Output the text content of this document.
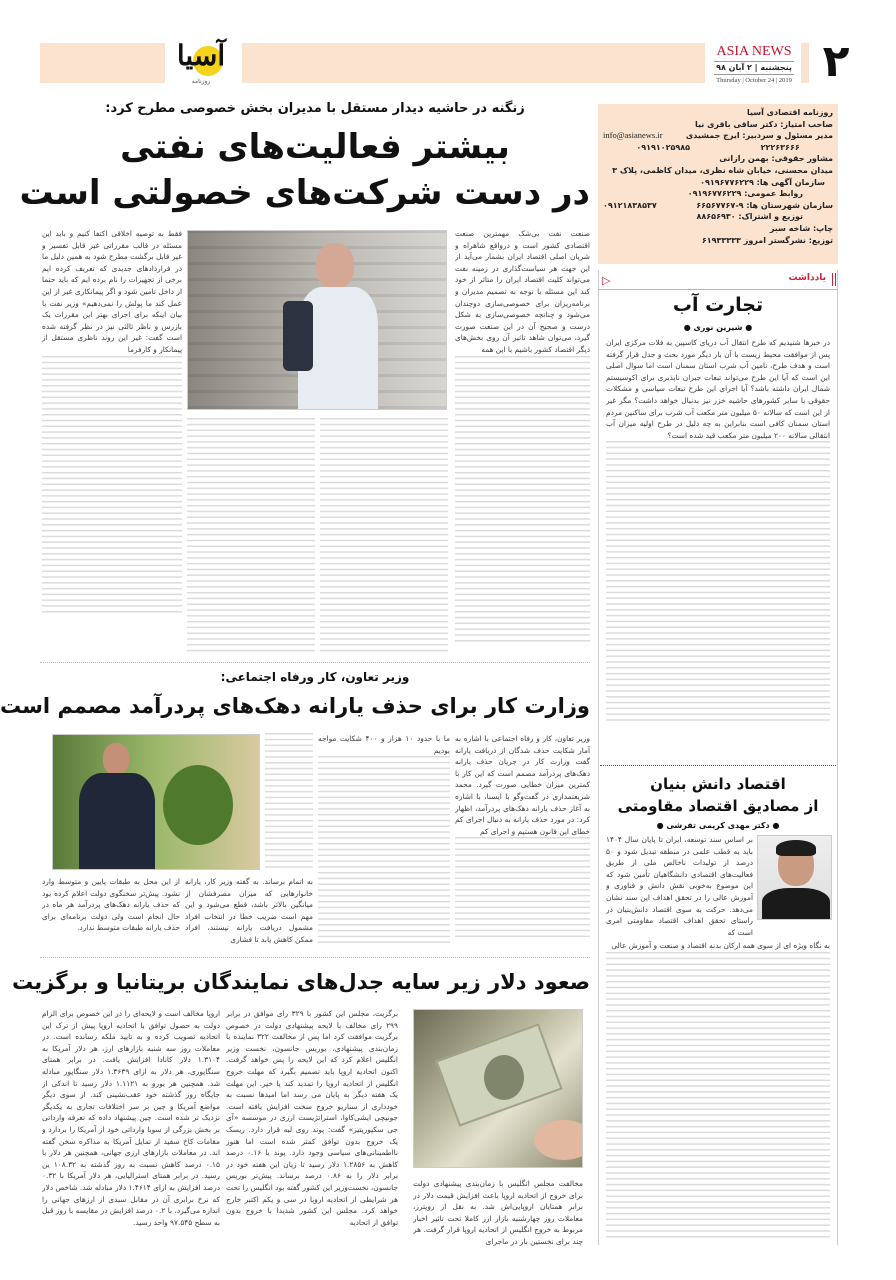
آسیا
روزنامه
ASIA NEWS
پنجشنبه | ۲ آبان ۹۸
Thursday | October 24 | 2019 ۲
روزنامه اقتصادی آسیا
صاحب امتیاز: دکتر ساقی باقری نیا
مدیر مسئول و سردبیر: ایرج جمشیدی
info@asianews.ir
۲۲۲۶۳۶۶۶
۰۹۱۹۱۰۲۵۹۸۵
مشاور حقوقی: بهمن رازانی
میدان محسنی، خیابان شاه نظری، میدان کاظمی، پلاک ۳
سازمان آگهی ها: ۰۹۱۹۶۷۷۶۲۲۹
روابط عمومی: ۰۹۱۹۶۷۷۶۲۲۹
سازمان شهرستان ها: ۹-۶۶۵۶۷۷۶۷
۰۹۱۲۱۸۳۸۵۳۷
توزیع و اشتراک: ۸۸۶۵۶۹۳۰
چاپ: شاخه سبز
توزیع: نشرگستر امروز ۶۱۹۳۳۳۳۳
یادداشت
▷
تجارت آب
● شیرین نوری ●

در خبرها شنیدیم که طرح انتقال آب دریای کاسپین به فلات مرکزی ایران پس از موافقت محیط زیست با آن بار دیگر مورد بحث و جدل قرار گرفته است و هدف طرح، تامین آب شرب استان سمنان است اما سوال اصلی این است که آیا این طرح می‌تواند تبعات جبران ناپذیری برای اکوسیستم شمال ایران داشته باشد؟ آیا اجرای این طرح تبعات سیاسی و مشکلات حقوقی با سایر کشورهای حاشیه خزر نیز بدنبال خواهد داشت؟ مگر غیر از این است که سالانه ۵۰ میلیون متر مکعب آب شرب برای ساکنین مردم استان سمنان کافی است بنابراین به چه دلیل در طرح اولیه میزان آب انتقالی سالانه ۲۰۰ میلیون متر مکعب قید شده است؟

اقتصاد دانش بنیان
از مصادیق اقتصاد مقاومتی
● دکتر مهدی کریمی تفرشی ●
بر اساس سند توسعه، ایران تا پایان سال ۱۴۰۴ باید به قطب علمی در منطقه تبدیل شود و ۵۰ درصد از تولیدات ناخالص ملی از طریق فعالیت‌های اقتصادی دانشگاهیان تأمین شود که این موضوع به‌خوبی نقش دانش و فناوری و آموزش عالی را در تحقق اهداف این سند نشان می‌دهد. حرکت به سوی اقتصاد دانش‌بنیان در راستای تحقق اهداف اقتصاد مقاومتی امری است که

به نگاه ویژه ای از سوی همه ارکان بدنه اقتصاد و صنعت و آموزش عالی

زنگنه در حاشیه دیدار مستقل با مدیران بخش خصوصی مطرح کرد:
بیشتر فعالیت‌های نفتی
در دست شرکت‌های خصولتی است

صنعت نفت بی‌شک مهمترین صنعت اقتصادی کشور است و درواقع شاهراه و شریان اصلی اقتصاد ایران بشمار می‌آید از این جهت هر سیاست‌گذاری در زمینه نفت می‌تواند کلیت اقتصاد ایران را متاثر از خود کند این مسئله با توجه به تصمیم مدیران و برنامه‌ریزان برای خصوصی‌سازی دوچندان می‌شود و چنانچه خصوصی‌سازی به شکل درست و صحیح آن در این صنعت صورت گیرد، می‌توان شاهد تاثیر آن روی بخش‌های دیگر اقتصاد کشور باشیم با این همه

فقط به توصیه اخلاقی اکتفا کنیم و باید این مسئله در قالب مقرراتی غیر قابل تفسیر و غیر قابل برگشت مطرح شود به همین دلیل ما در قراردادهای جدیدی که تعریف کرده ایم برخی از تجهیزات را نام برده ایم که باید حتما از داخل تامین شود و اگر پیمانکاری غیر از این عمل کند ما پولش را نمی‌دهیم» وزیر نفت با بیان اینکه برای اجرای بهتر این مقررات یک بازرس و ناظر ثالثی نیز در نظر گرفته شده است گفت: غیر این روند ناظری مستقل از پیمانکار و کارفرما

وزیر تعاون، کار ورفاه اجتماعی:
وزارت کار برای حذف یارانه دهک‌های پردرآمد مصمم است

وزیر تعاون، کار و رفاه اجتماعی با اشاره به آمار شکایت حذف شدگان از دریافت یارانه گفت وزارت کار در جریان حذف یارانه دهک‌های پردرآمد مصمم است که این کار با کمترین میزان خطایی صورت گیرد. محمد شریعتمداری در گفت‌وگو با ایسنا، با اشاره به آغاز حذف یارانه دهک‌های پردرآمد، اظهار کرد: در مورد حذف یارانه به دنبال اجرای کم خطای این قانون هستیم و اجرای کم

ما با حدود ۱۰ هزار و ۴۰۰ شکایت مواجه بودیم

به اتمام برساند. به گفته وزیر کار، یارانه خانوارهایی که میزان مصرفشان از میانگین بالاتر باشد، قطع می‌شود و این مهم است ضریب خطا در انتخاب افراد مشمول دریافت یارانه نیستند، افراد ممکن کاهش یابد تا فشاری
از این محل به طبقات پایین و متوسط وارد نشود. پیش‌تر سخنگوی دولت اعلام کرده بود که حذف یارانه دهک‌های پردرآمد هر ماه در حال انجام است ولی دولت برنامه‌ای برای حذف یارانه طبقات متوسط ندارد.
صعود دلار زیر سایه جدل‌های نمایندگان بریتانیا و برگزیت
برگزیت، مجلس این کشور با ۳۲۹ رای موافق در برابر ۲۹۹ رای مخالف با لایحه پیشنهادی دولت در خصوص برگزیت موافقت کرد اما پس از مخالفت ۳۲۲ نماینده با زمان‌بندی پیشنهادی، بوریس جانسون، نخست وزیر انگلیس اعلام کرد که این لایحه را پس خواهد گرفت. اکنون اتحادیه اروپا باید تصمیم بگیرد که مهلت خروج انگلیس از اتحادیه اروپا را تمدید کند یا خیر. این مهلت یک هفته دیگر به پایان می رسد اما امیدها نسبت به خودداری از سناریو خروج سخت افزایش یافته است. جونیچی ایشی‌کاوا، استراتژیست ارزی در موسسه «آی جی سکیوریتیز» گفت: پوند روی لبه قرار دارد. ریسک یک خروج بدون توافق کمتر شده است اما هنوز نااطمینانی‌های سیاسی وجود دارد. پوند با ۰.۱۶ درصد کاهش به ۱.۲۸۵۶ دلار رسید تا زیان این هفته خود در برابر دلار را به ۰.۸۶ درصد برساند. پیش‌تر بوریس جانسون، نخست‌وزیر این کشور گفته بود انگلیس را تحت هر شرایطی از اتحادیه اروپا در سی و یکم اکتبر خارج خواهد کرد. مجلس این کشور شدیدا با خروج بدون توافق از اتحادیه
اروپا مخالف است و لایحه‌ای را در این خصوص برای الزام دولت به حصول توافق با اتحادیه اروپا پیش از ترک این اتحادیه تصویب کرده و به تایید ملکه رسانده است. در معاملات روز سه شنبه بازارهای ارز، هر دلار آمریکا به ۱.۳۱۰۴ دلار کانادا افزایش یافت. در برابر همتای سنگاپوری، هر دلار به ازای ۱.۳۶۳۹ دلار سنگاپور مبادله شد. همچنین هر یورو به ۱.۱۱۲۱ دلار رسید تا اندکی از جایگاه روز گذشته خود عقب‌نشینی کند. از سوی دیگر مواضع آمریکا و چین بر سر اختلافات تجاری به یکدیگر نزدیک تر شده است. چین پیشنهاد داده که تعرفه وارداتی بر بخش بزرگی از سویا وارداتی خود از آمریکا را بردارد و مقامات کاخ سفید از تمایل آمریکا به مذاکره سخن گفته اند. در معاملات بازارهای ارزی جهانی، همچنین هر دلار با ۰.۱۵ درصد کاهش نسبت به روز گذشته به ۱۰۸.۳۲ ین رسید. در برابر همتای استرالیایی، هر دلار آمریکا با ۰.۳۲ درصد افزایش به ازای ۱.۴۶۱۴ دلار مبادله شد. شاخص دلار که نرخ برابری آن در مقابل سبدی از ارزهای جهانی را اندازه می‌گیرد، با ۰.۲ درصد افزایش در مقایسه با روز قبل به سطح ۹۷.۵۴۵ واحد رسید.
مخالفت مجلس انگلیس با زمان‌بندی پیشنهادی دولت برای خروج از اتحادیه اروپا باعث افزایش قیمت دلار در برابر همتایان اروپایی‌اش شد. به نقل از رویترز، معاملات روز چهارشنبه بازار ارز کاملا تحت تاثیر اخبار مربوط به خروج انگلیس از اتحادیه اروپا قرار گرفت. هر چند برای نخستین بار در ماجرای
